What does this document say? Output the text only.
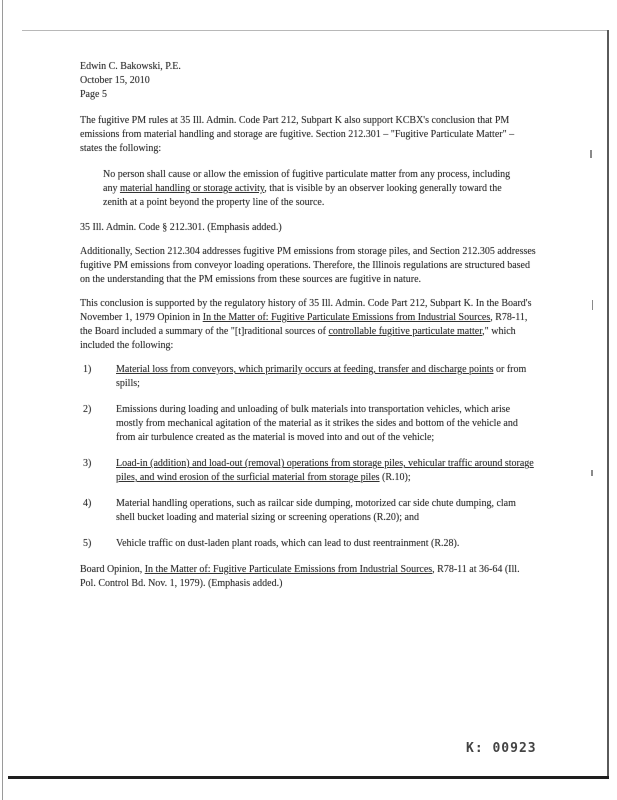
Edwin C. Bakowski, P.E.
October 15, 2010
Page 5

The fugitive PM rules at 35 Ill. Admin. Code Part 212, Subpart K also support KCBX's conclusion that PM emissions from material handling and storage are fugitive. Section 212.301 – "Fugitive Particulate Matter" – states the following:

No person shall cause or allow the emission of fugitive particulate matter from any process, including any material handling or storage activity, that is visible by an observer looking generally toward the zenith at a point beyond the property line of the source.

35 Ill. Admin. Code § 212.301. (Emphasis added.)

Additionally, Section 212.304 addresses fugitive PM emissions from storage piles, and Section 212.305 addresses fugitive PM emissions from conveyor loading operations. Therefore, the Illinois regulations are structured based on the understanding that the PM emissions from these sources are fugitive in nature.

This conclusion is supported by the regulatory history of 35 Ill. Admin. Code Part 212, Subpart K. In the Board's November 1, 1979 Opinion in In the Matter of: Fugitive Particulate Emissions from Industrial Sources, R78-11, the Board included a summary of the "[t]raditional sources of controllable fugitive particulate matter," which included the following:

1) Material loss from conveyors, which primarily occurs at feeding, transfer and discharge points or from spills;
2) Emissions during loading and unloading of bulk materials into transportation vehicles, which arise mostly from mechanical agitation of the material as it strikes the sides and bottom of the vehicle and from air turbulence created as the material is moved into and out of the vehicle;
3) Load-in (addition) and load-out (removal) operations from storage piles, vehicular traffic around storage piles, and wind erosion of the surficial material from storage piles (R.10);
4) Material handling operations, such as railcar side dumping, motorized car side chute dumping, clam shell bucket loading and material sizing or screening operations (R.20); and
5) Vehicle traffic on dust-laden plant roads, which can lead to dust reentrainment (R.28).

Board Opinion, In the Matter of: Fugitive Particulate Emissions from Industrial Sources, R78-11 at 36-64 (Ill. Pol. Control Bd. Nov. 1, 1979). (Emphasis added.)

K: 00923
